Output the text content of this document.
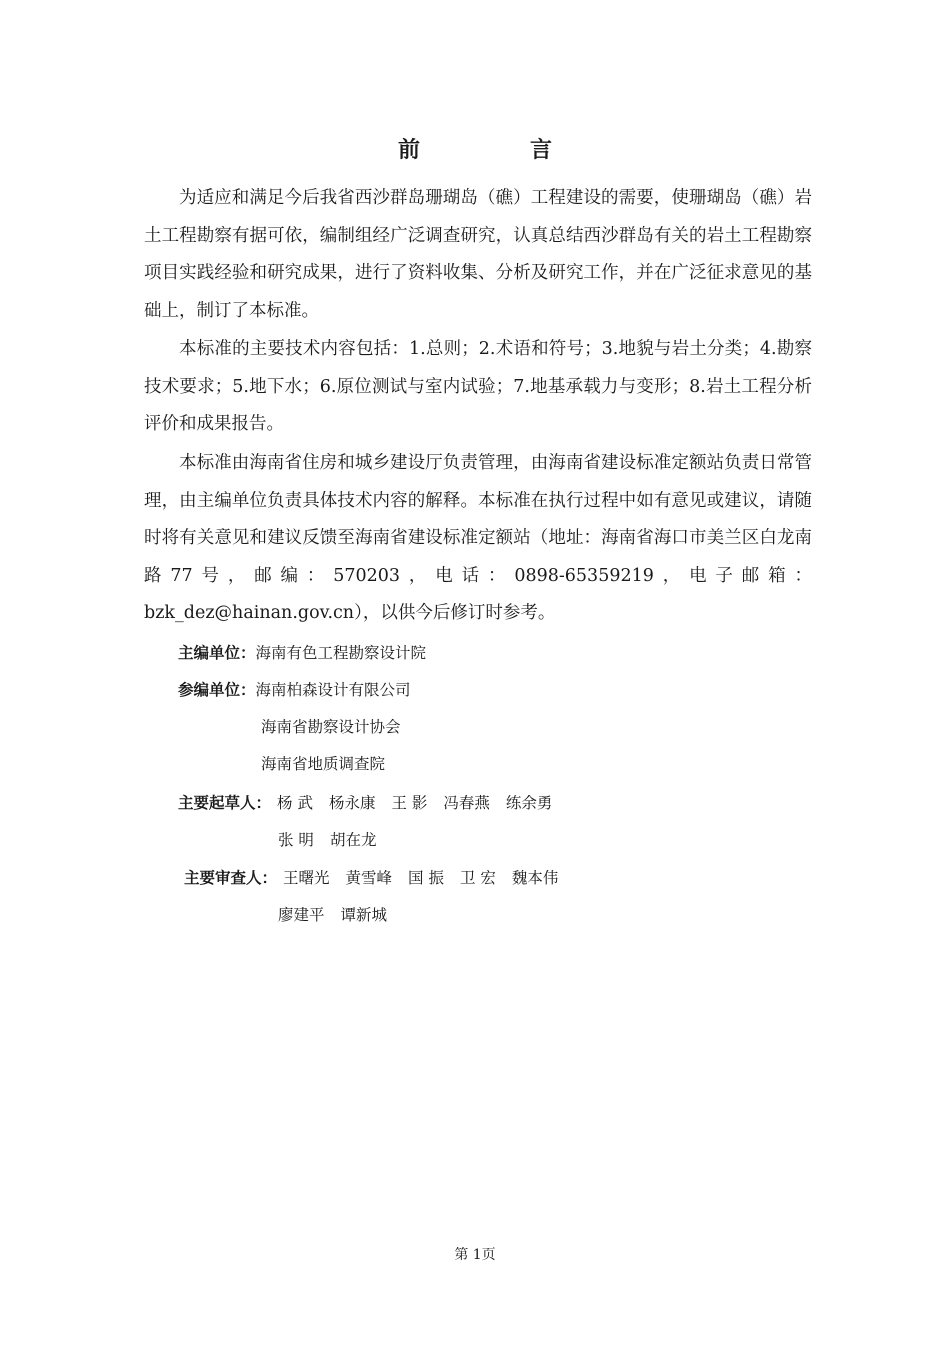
前　言

为适应和满足今后我省西沙群岛珊瑚岛（礁）工程建设的需要，使珊瑚岛（礁）岩土工程勘察有据可依，编制组经广泛调查研究，认真总结西沙群岛有关的岩土工程勘察项目实践经验和研究成果，进行了资料收集、分析及研究工作，并在广泛征求意见的基础上，制订了本标准。

本标准的主要技术内容包括：1.总则；2.术语和符号；3.地貌与岩土分类；4.勘察技术要求；5.地下水；6.原位测试与室内试验；7.地基承载力与变形；8.岩土工程分析评价和成果报告。

本标准由海南省住房和城乡建设厅负责管理，由海南省建设标准定额站负责日常管理，由主编单位负责具体技术内容的解释。本标准在执行过程中如有意见或建议，请随时将有关意见和建议反馈至海南省建设标准定额站（地址：海南省海口市美兰区白龙南路77号，邮编：570203，电话：0898-65359219，电子邮箱：bzk_dez@hainan.gov.cn），以供今后修订时参考。

主编单位：海南有色工程勘察设计院
参编单位：海南柏森设计有限公司
海南省勘察设计协会
海南省地质调查院
主要起草人： 杨 武 杨永康 王 影 冯春燕 练余勇
张 明 胡在龙
主要审查人： 王曙光 黄雪峰 国 振 卫 宏 魏本伟
廖建平 谭新城
第 1页
